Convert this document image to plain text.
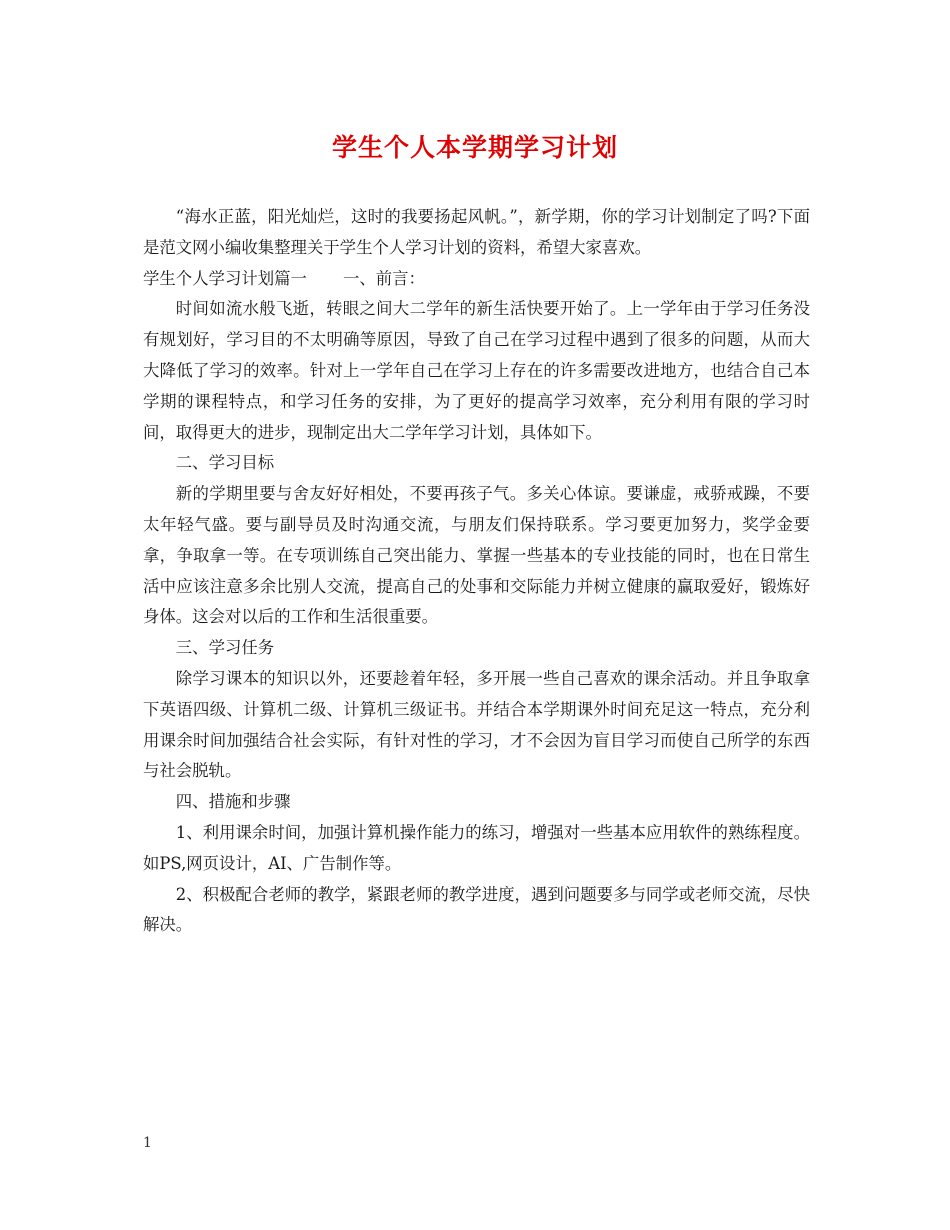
学生个人本学期学习计划

“海水正蓝，阳光灿烂，这时的我要扬起风帆。”，新学期，你的学习计划制定了吗?下面是范文网小编收集整理关于学生个人学习计划的资料，希望大家喜欢。

学生个人学习计划篇一 一、前言：

时间如流水般飞逝，转眼之间大二学年的新生活快要开始了。上一学年由于学习任务没有规划好，学习目的不太明确等原因，导致了自己在学习过程中遇到了很多的问题，从而大大降低了学习的效率。针对上一学年自己在学习上存在的许多需要改进地方，也结合自己本学期的课程特点，和学习任务的安排，为了更好的提高学习效率，充分利用有限的学习时间，取得更大的进步，现制定出大二学年学习计划，具体如下。

二、学习目标

新的学期里要与舍友好好相处，不要再孩子气。多关心体谅。要谦虚，戒骄戒躁，不要太年轻气盛。要与副导员及时沟通交流，与朋友们保持联系。学习要更加努力，奖学金要拿，争取拿一等。在专项训练自己突出能力、掌握一些基本的专业技能的同时，也在日常生活中应该注意多余比别人交流，提高自己的处事和交际能力并树立健康的赢取爱好，锻炼好身体。这会对以后的工作和生活很重要。

三、学习任务

除学习课本的知识以外，还要趁着年轻，多开展一些自己喜欢的课余活动。并且争取拿下英语四级、计算机二级、计算机三级证书。并结合本学期课外时间充足这一特点，充分利用课余时间加强结合社会实际，有针对性的学习，才不会因为盲目学习而使自己所学的东西与社会脱轨。

四、措施和步骤

1、利用课余时间，加强计算机操作能力的练习，增强对一些基本应用软件的熟练程度。如PS,网页设计，AI、广告制作等。

2、积极配合老师的教学，紧跟老师的教学进度，遇到问题要多与同学或老师交流，尽快解决。

1
